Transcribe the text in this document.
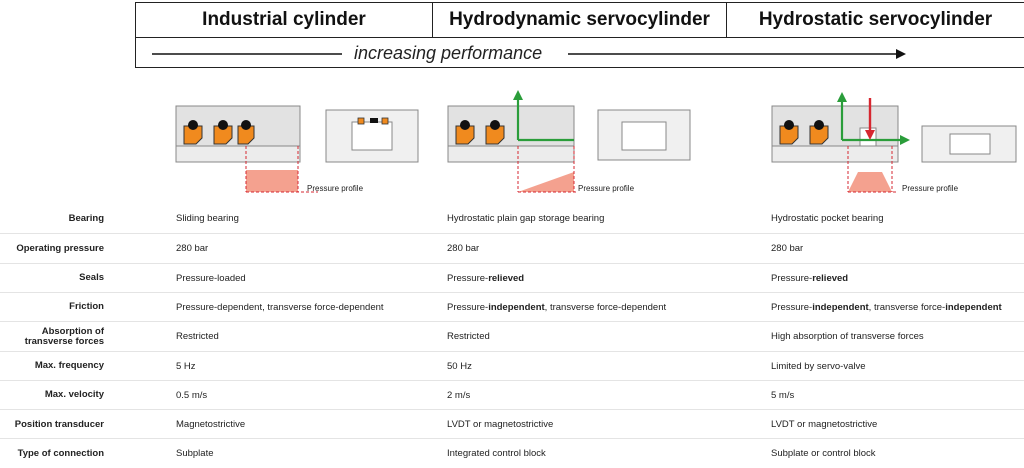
Industrial cylinder	Hydrodynamic servocylinder	Hydrostatic servocylinder
increasing performance
Pressure profile	Pressure profile	Pressure profile
Bearing	Sliding bearing	Hydrostatic plain gap storage bearing	Hydrostatic pocket bearing
Operating pressure	280 bar	280 bar	280 bar
Seals	Pressure-loaded	Pressure- relieved	Pressure- relieved
Friction	Pressure-dependent, transverse force-dependent	Pressure- independent , transverse force-dependent	Pressure- independent , transverse force- independent
Absorption of transverse forces	Restricted	Restricted	High absorption of transverse forces
Max. frequency	5 Hz	50 Hz	Limited by servo-valve
Max. velocity	0.5 m/s	2 m/s	5 m/s
Position transducer	Magnetostrictive	LVDT or magnetostrictive	LVDT or magnetostrictive
Type of connection	Subplate	Integrated control block	Subplate or control block
